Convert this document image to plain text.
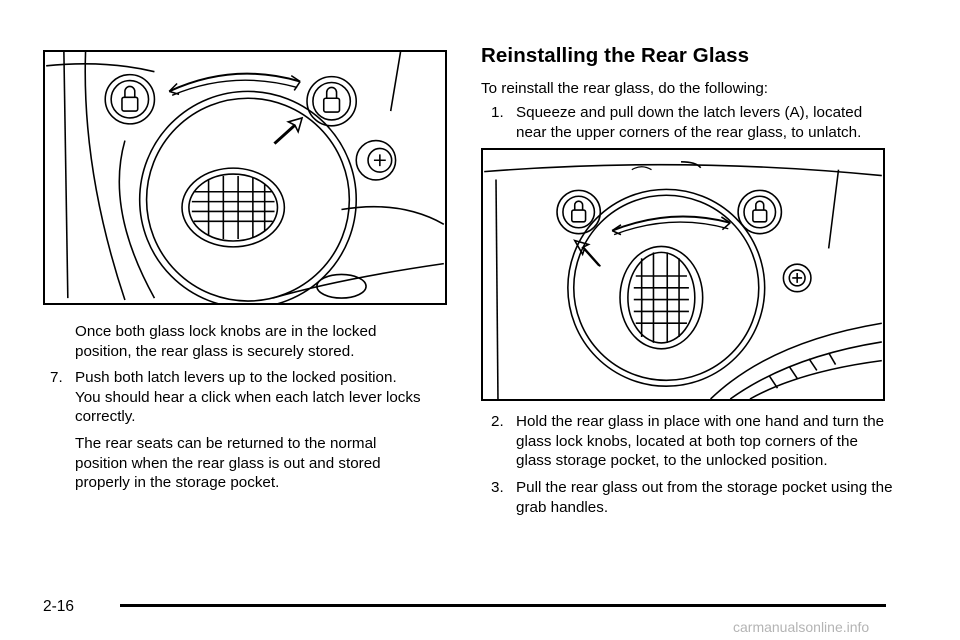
Once both glass lock knobs are in the locked position, the rear glass is securely stored.

7. Push both latch levers up to the locked position. You should hear a click when each latch lever locks correctly.

The rear seats can be returned to the normal position when the rear glass is out and stored properly in the storage pocket.

Reinstalling the Rear Glass

To reinstall the rear glass, do the following:

1. Squeeze and pull down the latch levers (A), located near the upper corners of the rear glass, to unlatch.
2. Hold the rear glass in place with one hand and turn the glass lock knobs, located at both top corners of the glass storage pocket, to the unlocked position.
3. Pull the rear glass out from the storage pocket using the grab handles.
2-16
carmanualsonline.info
